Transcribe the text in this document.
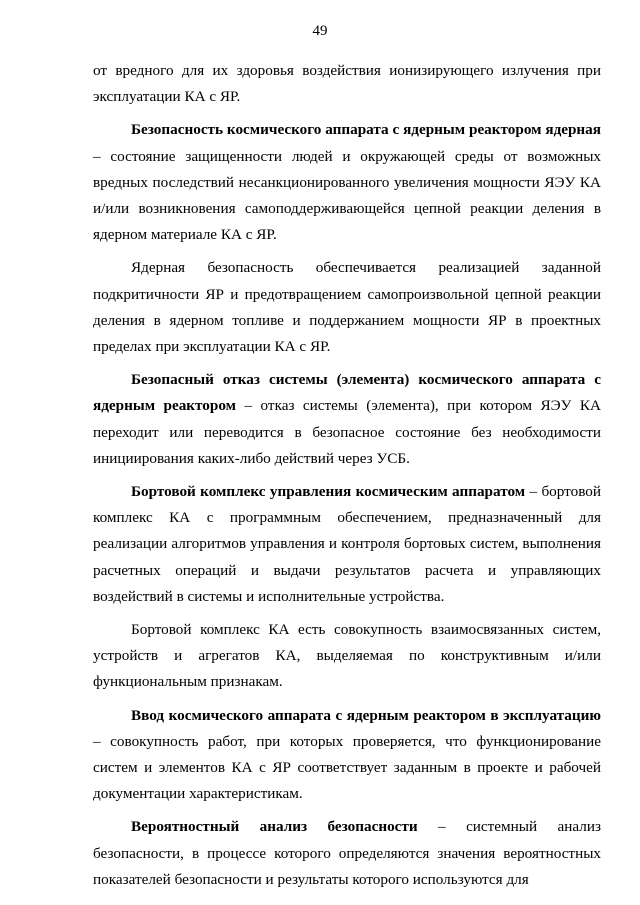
49

от вредного для их здоровья воздействия ионизирующего излучения при эксплуатации КА с ЯР.

Безопасность космического аппарата с ядерным реактором ядерная – состояние защищенности людей и окружающей среды от возможных вредных последствий несанкционированного увеличения мощности ЯЭУ КА и/или возникновения самоподдерживающейся цепной реакции деления в ядерном материале КА с ЯР.

Ядерная безопасность обеспечивается реализацией заданной подкритичности ЯР и предотвращением самопроизвольной цепной реакции деления в ядерном топливе и поддержанием мощности ЯР в проектных пределах при эксплуатации КА с ЯР.

Безопасный отказ системы (элемента) космического аппарата с ядерным реактором – отказ системы (элемента), при котором ЯЭУ КА переходит или переводится в безопасное состояние без необходимости инициирования каких-либо действий через УСБ.

Бортовой комплекс управления космическим аппаратом – бортовой комплекс КА с программным обеспечением, предназначенный для реализации алгоритмов управления и контроля бортовых систем, выполнения расчетных операций и выдачи результатов расчета и управляющих воздействий в системы и исполнительные устройства.

Бортовой комплекс КА есть совокупность взаимосвязанных систем, устройств и агрегатов КА, выделяемая по конструктивным и/или функциональным признакам.

Ввод космического аппарата с ядерным реактором в эксплуатацию – совокупность работ, при которых проверяется, что функционирование систем и элементов КА с ЯР соответствует заданным в проекте и рабочей документации характеристикам.

Вероятностный анализ безопасности – системный анализ безопасности, в процессе которого определяются значения вероятностных показателей безопасности и результаты которого используются для
